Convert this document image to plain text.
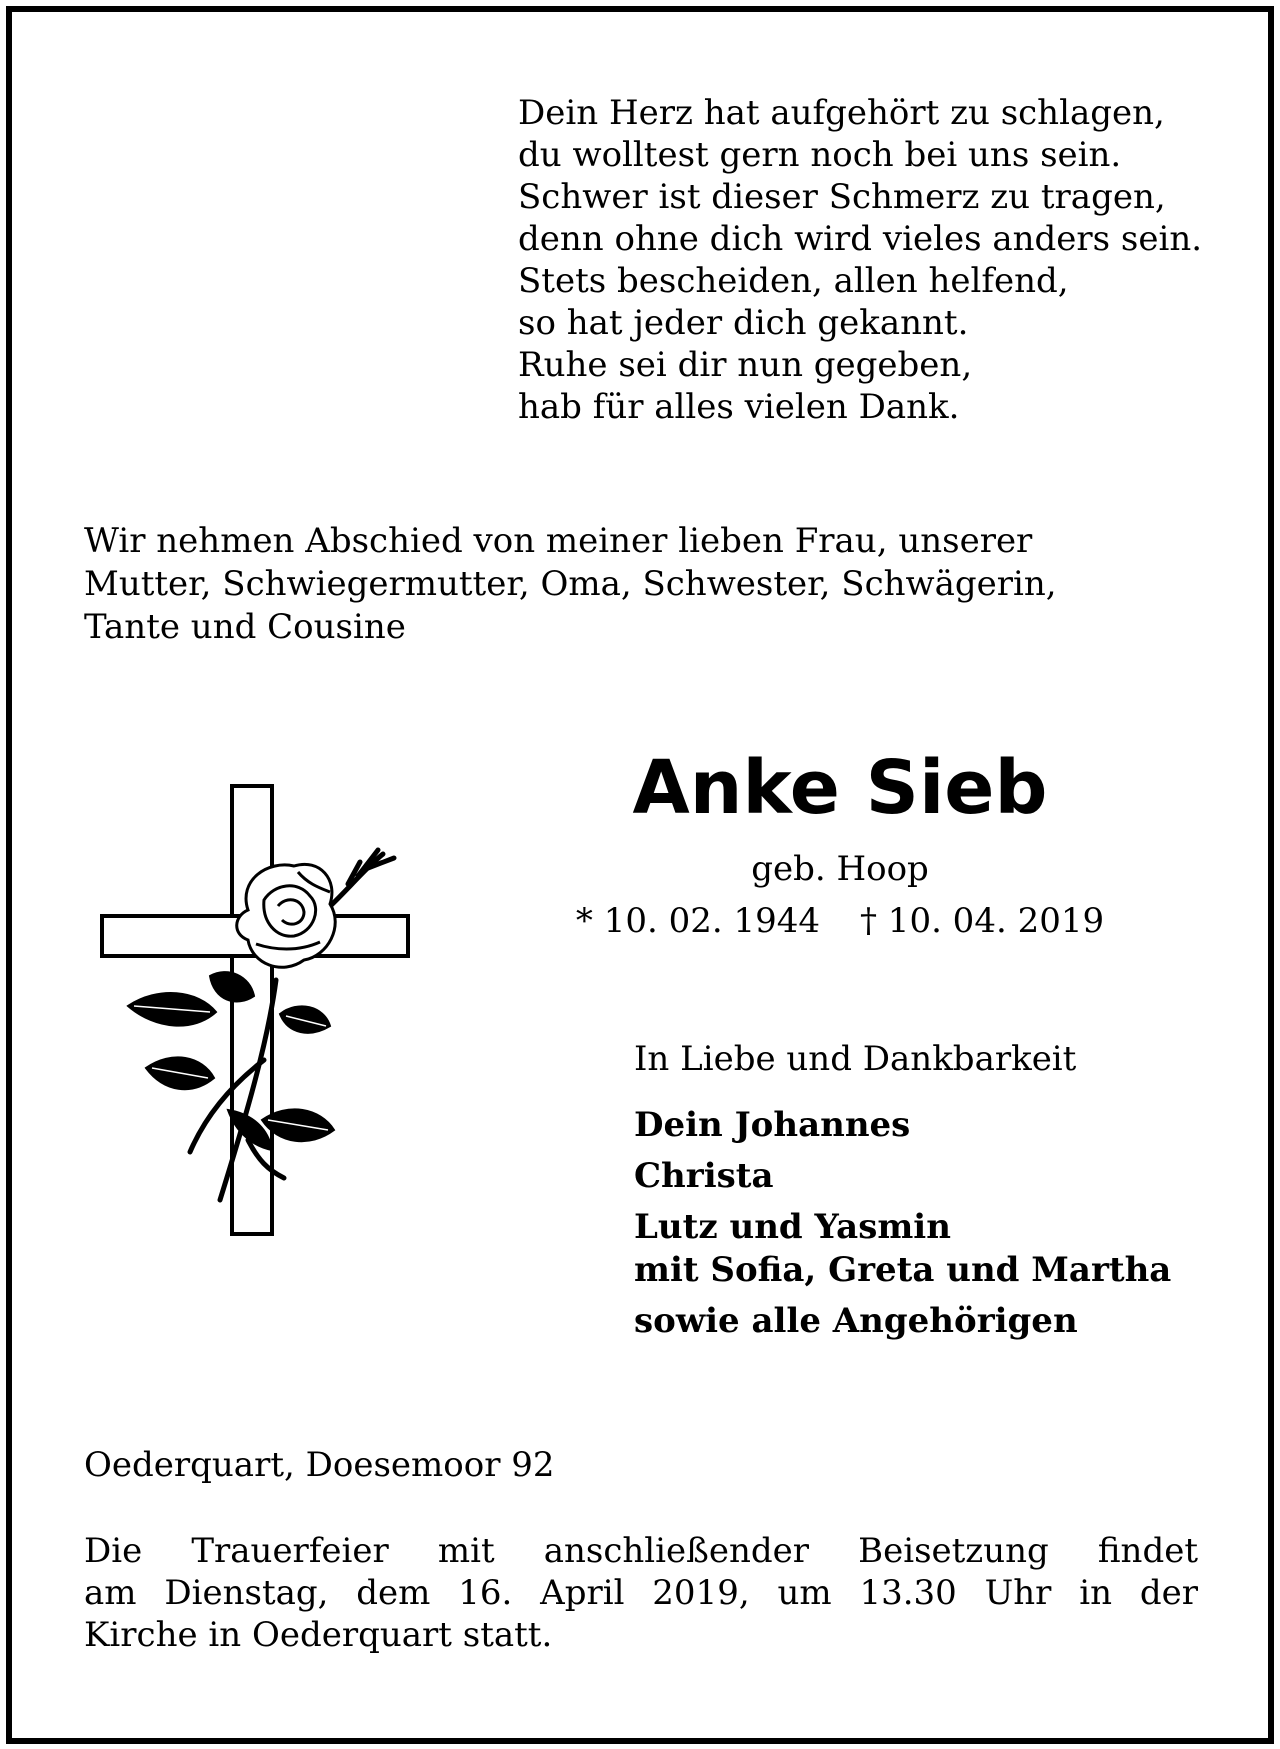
Dein Herz hat aufgehört zu schlagen,
du wolltest gern noch bei uns sein.
Schwer ist dieser Schmerz zu tragen,
denn ohne dich wird vieles anders sein.
Stets bescheiden, allen helfend,
so hat jeder dich gekannt.
Ruhe sei dir nun gegeben,
hab für alles vielen Dank.
Wir nehmen Abschied von meiner lieben Frau, unserer
Mutter, Schwiegermutter, Oma, Schwester, Schwägerin,
Tante und Cousine
Anke Sieb
geb. Hoop
* 10. 02. 1944 † 10. 04. 2019
In Liebe und Dankbarkeit
Dein Johannes
Christa
Lutz und Yasmin
mit Sofia, Greta und Martha
sowie alle Angehörigen
Oederquart, Doesemoor 92
Die Trauerfeier mit anschließender Beisetzung findet
am Dienstag, dem 16. April 2019, um 13.30 Uhr in der
Kirche in Oederquart statt.
